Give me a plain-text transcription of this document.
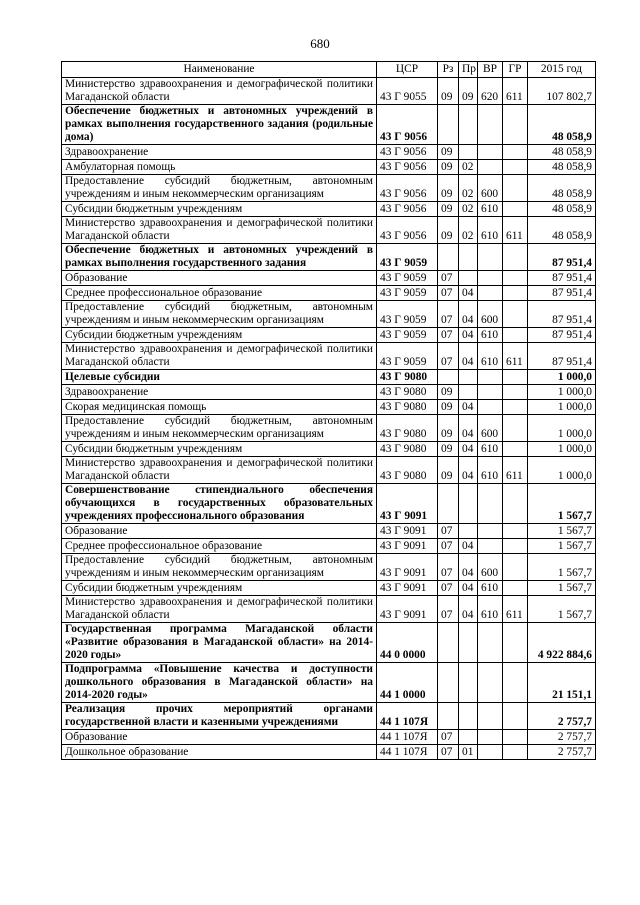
680
Наименование	ЦСР	Рз	Пр	ВР	ГР	2015 год
Министерство здравоохранения и демографической политики Магаданской области	43 Г 9055	09	09	620	611	107 802,7
Обеспечение бюджетных и автономных учреждений в рамках выполнения государственного задания (родильные дома)	43 Г 9056					48 058,9
Здравоохранение	43 Г 9056	09				48 058,9
Амбулаторная помощь	43 Г 9056	09	02			48 058,9
Предоставление субсидий бюджетным, автономным учреждениям и иным некоммерческим организациям	43 Г 9056	09	02	600		48 058,9
Субсидии бюджетным учреждениям	43 Г 9056	09	02	610		48 058,9
Министерство здравоохранения и демографической политики Магаданской области	43 Г 9056	09	02	610	611	48 058,9
Обеспечение бюджетных и автономных учреждений в рамках выполнения государственного задания	43 Г 9059					87 951,4
Образование	43 Г 9059	07				87 951,4
Среднее профессиональное образование	43 Г 9059	07	04			87 951,4
Предоставление субсидий бюджетным, автономным учреждениям и иным некоммерческим организациям	43 Г 9059	07	04	600		87 951,4
Субсидии бюджетным учреждениям	43 Г 9059	07	04	610		87 951,4
Министерство здравоохранения и демографической политики Магаданской области	43 Г 9059	07	04	610	611	87 951,4
Целевые субсидии	43 Г 9080					1 000,0
Здравоохранение	43 Г 9080	09				1 000,0
Скорая медицинская помощь	43 Г 9080	09	04			1 000,0
Предоставление субсидий бюджетным, автономным учреждениям и иным некоммерческим организациям	43 Г 9080	09	04	600		1 000,0
Субсидии бюджетным учреждениям	43 Г 9080	09	04	610		1 000,0
Министерство здравоохранения и демографической политики Магаданской области	43 Г 9080	09	04	610	611	1 000,0
Совершенствование стипендиального обеспечения обучающихся в государственных образовательных учреждениях профессионального образования	43 Г 9091					1 567,7
Образование	43 Г 9091	07				1 567,7
Среднее профессиональное образование	43 Г 9091	07	04			1 567,7
Предоставление субсидий бюджетным, автономным учреждениям и иным некоммерческим организациям	43 Г 9091	07	04	600		1 567,7
Субсидии бюджетным учреждениям	43 Г 9091	07	04	610		1 567,7
Министерство здравоохранения и демографической политики Магаданской области	43 Г 9091	07	04	610	611	1 567,7
Государственная программа Магаданской области «Развитие образования в Магаданской области» на 2014-2020 годы»	44 0 0000					4 922 884,6
Подпрограмма «Повышение качества и доступности дошкольного образования в Магаданской области» на 2014-2020 годы»	44 1 0000					21 151,1
Реализация прочих мероприятий органами государственной власти и казенными учреждениями	44 1 107Я					2 757,7
Образование	44 1 107Я	07				2 757,7
Дошкольное образование	44 1 107Я	07	01			2 757,7
